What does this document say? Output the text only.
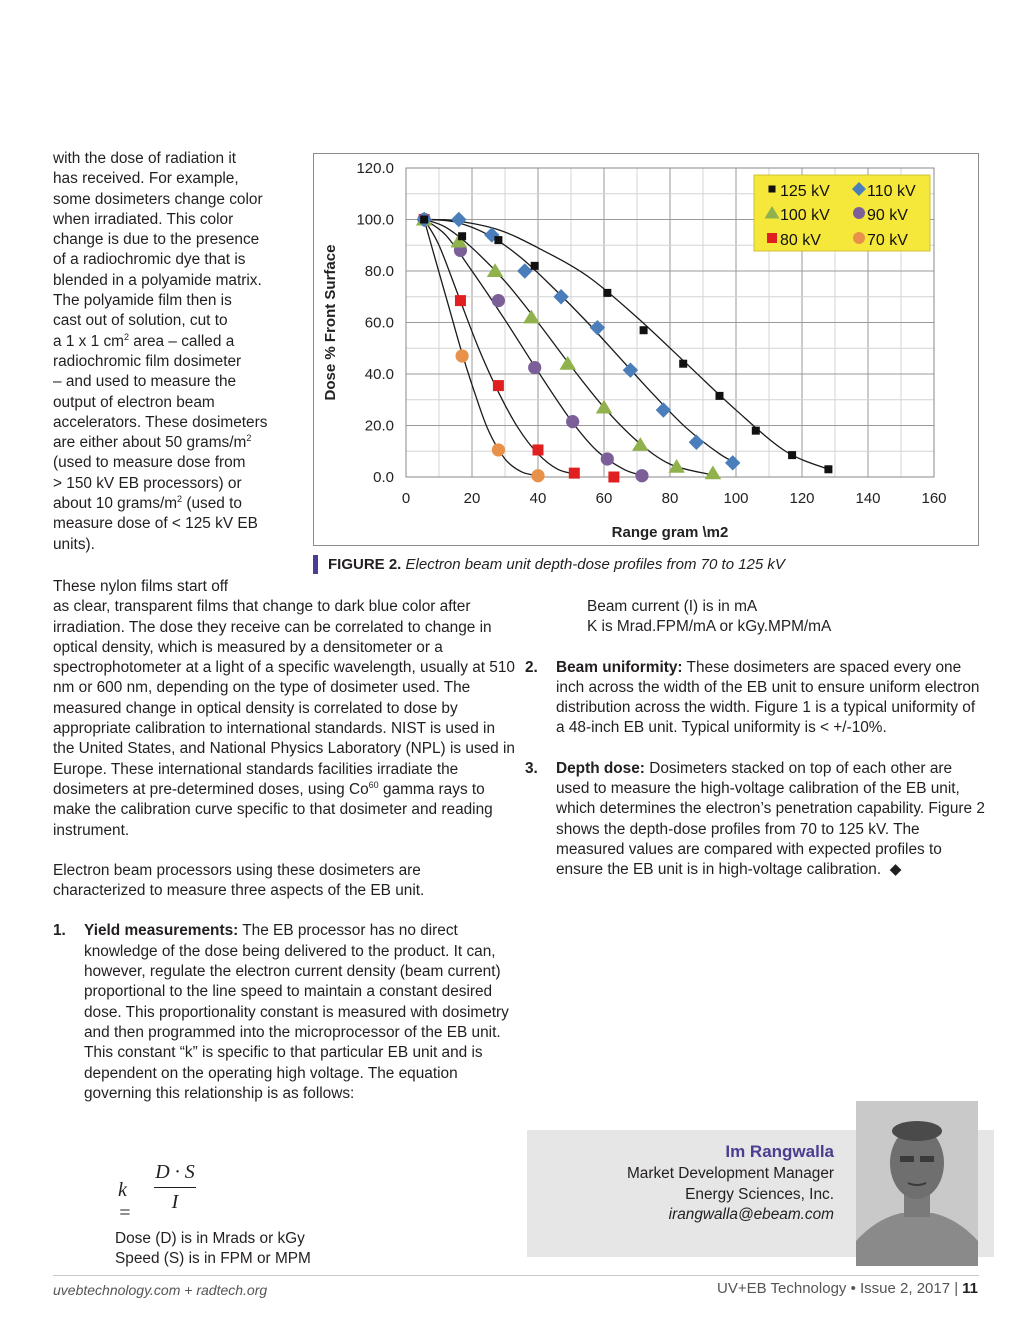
with the dose of radiation it
has received. For example,
some dosimeters change color
when irradiated. This color
change is due to the presence
of a radiochromic dye that is
blended in a polyamide matrix.
The polyamide film then is
cast out of solution, cut to
a 1 x 1 $cm^2$ area – called a
radiochromic film dosimeter
– and used to measure the
output of electron beam
accelerators. These dosimeters
are either about 50 grams/$m^2$
(used to measure dose from
> 150 kV EB processors) or
about 10 grams/$m^2$ (used to
measure dose of < 125 kV EB
units).

0	20	40	60	80	100	120	140	160
0.0
20.0
40.0
60.0
80.0
100.0
120.0
Range gram \m2
Dose % Front Surface
125 kV 110 kV
100 kV 90 kV
80 kV	70 kV
FIGURE 2. Electron beam unit depth-dose profiles from 70 to 125 kV

These nylon films start off
as clear, transparent films that change to dark blue color after irradiation. The dose they receive can be correlated to change in optical density, which is measured by a densitometer or a spectrophotometer at a light of a specific wavelength, usually at 510 nm or 600 nm, depending on the type of dosimeter used. The measured change in optical density is correlated to dose by appropriate calibration to international standards. NIST is used in the United States, and National Physics Laboratory (NPL) is used in Europe. These international standards facilities irradiate the dosimeters at pre-determined doses, using Co$^{60}$ gamma rays to make the calibration curve specific to that dosimeter and reading instrument.

Electron beam processors using these dosimeters are characterized to measure three aspects of the EB unit.

1.	Yield measurements: The EB processor has no direct knowledge of the dose being delivered to the product. It can, however, regulate the electron current density (beam current) proportional to the line speed to maintain a constant desired dose. This proportionality constant is measured with dosimetry and then programmed into the microprocessor of the EB unit. This constant “k” is specific to that particular EB unit and is dependent on the operating high voltage. The equation governing this relationship is as follows:
k =
D · S
I
Dose (D) is in Mrads or kGy
Speed (S) is in FPM or MPM
Beam current (I) is in mA
K is Mrad.FPM/mA or kGy.MPM/mA
2.	Beam uniformity: These dosimeters are spaced every one inch across the width of the EB unit to ensure uniform electron distribution across the width. Figure 1 is a typical uniformity of a 48-inch EB unit. Typical uniformity is < +/-10%.
3.	Depth dose: Dosimeters stacked on top of each other are used to measure the high-voltage calibration of the EB unit, which determines the electron’s penetration capability. Figure 2 shows the depth-dose profiles from 70 to 125 kV. The measured values are compared with expected profiles to ensure the EB unit is in high-voltage calibration. ◆
Im Rangwalla
Market Development Manager
Energy Sciences, Inc.
irangwalla@ebeam.com
uvebtechnology.com + radtech.org	UV+EB Technology • Issue 2, 2017 | 11
